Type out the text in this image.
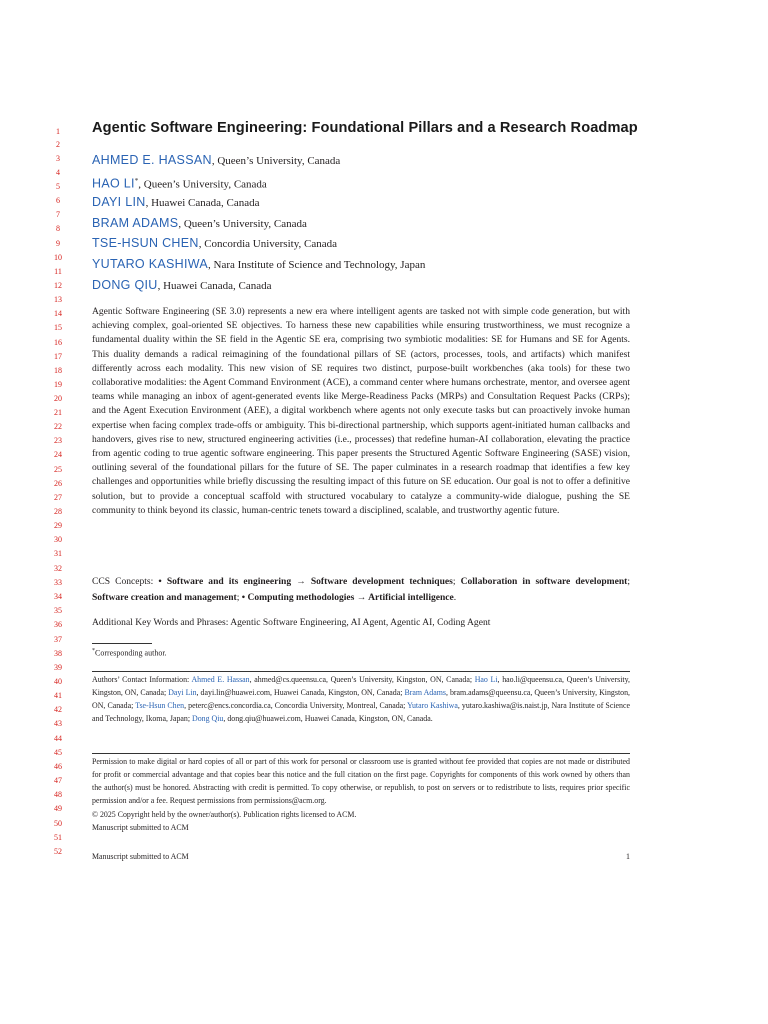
1
2
3
4
5
6
7
8
9
10
11
12
13
14
15
16
17
18
19
20
21
22
23
24
25
26
27
28
29
30
31
32
33
34
35
36
37
38
39
40
41
42
43
44
45
46
47
48
49
50
51
52
Agentic Software Engineering: Foundational Pillars and a Research Roadmap
AHMED E. HASSAN, Queen’s University, Canada
HAO LI*, Queen’s University, Canada
DAYI LIN, Huawei Canada, Canada
BRAM ADAMS, Queen’s University, Canada
TSE-HSUN CHEN, Concordia University, Canada
YUTARO KASHIWA, Nara Institute of Science and Technology, Japan
DONG QIU, Huawei Canada, Canada
Agentic Software Engineering (SE 3.0) represents a new era where intelligent agents are tasked not with simple code generation, but with achieving complex, goal-oriented SE objectives. To harness these new capabilities while ensuring trustworthiness, we must recognize a fundamental duality within the SE field in the Agentic SE era, comprising two symbiotic modalities: SE for Humans and SE for Agents. This duality demands a radical reimagining of the foundational pillars of SE (actors, processes, tools, and artifacts) which manifest differently across each modality. This new vision of SE requires two distinct, purpose-built workbenches (aka tools) for these two collaborative modalities: the Agent Command Environment (ACE), a command center where humans orchestrate, mentor, and oversee agent teams while managing an inbox of agent-generated events like Merge-Readiness Packs (MRPs) and Consultation Request Packs (CRPs); and the Agent Execution Environment (AEE), a digital workbench where agents not only execute tasks but can proactively invoke human expertise when facing complex trade-offs or ambiguity. This bi-directional partnership, which supports agent-initiated human callbacks and handovers, gives rise to new, structured engineering activities (i.e., processes) that redefine human-AI collaboration, elevating the practice from agentic coding to true agentic software engineering. This paper presents the Structured Agentic Software Engineering (SASE) vision, outlining several of the foundational pillars for the future of SE. The paper culminates in a research roadmap that identifies a few key challenges and opportunities while briefly discussing the resulting impact of this future on SE education. Our goal is not to offer a definitive solution, but to provide a conceptual scaffold with structured vocabulary to catalyze a community-wide dialogue, pushing the SE community to think beyond its classic, human-centric tenets toward a disciplined, scalable, and trustworthy agentic future.
CCS Concepts: • Software and its engineering → Software development techniques; Collaboration in software development; Software creation and management; • Computing methodologies → Artificial intelligence.
Additional Key Words and Phrases: Agentic Software Engineering, AI Agent, Agentic AI, Coding Agent
*Corresponding author.
Authors’ Contact Information: Ahmed E. Hassan, ahmed@cs.queensu.ca, Queen’s University, Kingston, ON, Canada; Hao Li, hao.li@queensu.ca, Queen’s University, Kingston, ON, Canada; Dayi Lin, dayi.lin@huawei.com, Huawei Canada, Kingston, ON, Canada; Bram Adams, bram.adams@queensu.ca, Queen’s University, Kingston, ON, Canada; Tse-Hsun Chen, peterc@encs.concordia.ca, Concordia University, Montreal, Canada; Yutaro Kashiwa, yutaro.kashiwa@is.naist.jp, Nara Institute of Science and Technology, Ikoma, Japan; Dong Qiu, dong.qiu@huawei.com, Huawei Canada, Kingston, ON, Canada.
Permission to make digital or hard copies of all or part of this work for personal or classroom use is granted without fee provided that copies are not made or distributed for profit or commercial advantage and that copies bear this notice and the full citation on the first page. Copyrights for components of this work owned by others than the author(s) must be honored. Abstracting with credit is permitted. To copy otherwise, or republish, to post on servers or to redistribute to lists, requires prior specific permission and/or a fee. Request permissions from permissions@acm.org.
© 2025 Copyright held by the owner/author(s). Publication rights licensed to ACM.
Manuscript submitted to ACM
Manuscript submitted to ACM	1
